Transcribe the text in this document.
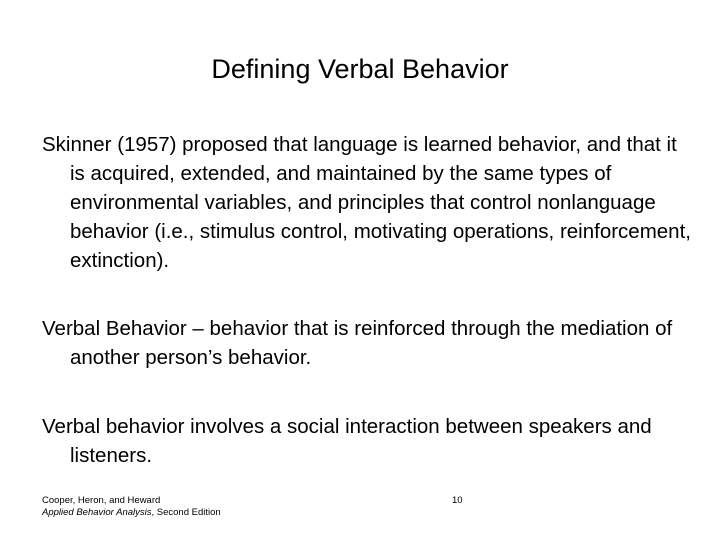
Defining Verbal Behavior
Skinner (1957) proposed that language is learned behavior, and that it is acquired, extended, and maintained by the same types of environmental variables, and principles that control nonlanguage behavior (i.e., stimulus control, motivating operations, reinforcement, extinction).
Verbal Behavior – behavior that is reinforced through the mediation of another person’s behavior.
Verbal behavior involves a social interaction between speakers and listeners.
Cooper, Heron, and Heward
Applied Behavior Analysis, Second Edition
10
